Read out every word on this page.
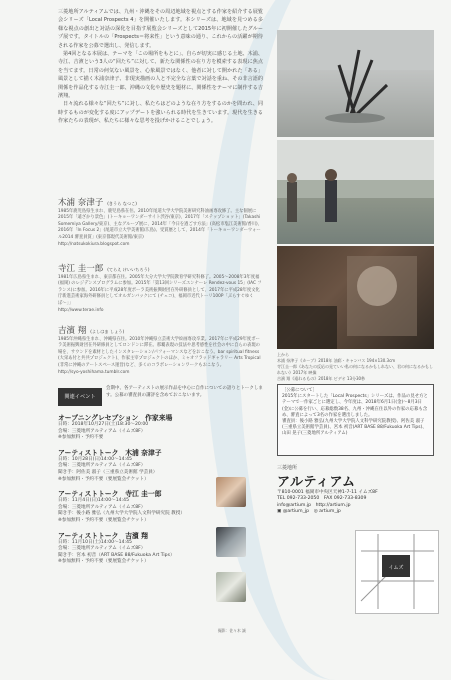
三菱地所アルティアムでは、九州・沖縄をその周辺地域を視点とする作家を紹介する展覧会シリーズ「Local Prospects 4」を開催いたします。本シリーズは、地域を見つめる多様な視点の創出と対話の深化を目指す展覧会シリーズとして2015年に初開催したグループ展です。タイトルの「Prospects＝将来性」という意味の通り、これからの活躍が期待される作家を公募で選出し、発信します。

第4回となる本展は、テーマを「この場所をもとに」、自らが切実に感じる土地、木浦、寺江、吉濱という3人の“回たち”に対して、新たな関係性の在り方を模索する表現に焦点を当てます。日常の何気ない風景を、心象風景ではなく、他者に対して開かれた「ある」風景として描く木浦奈津子、非現実描画の人と不完全な言葉で対話を重ね、その非言語的関係を作品化する寺江圭一郎、沖縄の文化や歴史を題材に、関係性をテーマに制作する吉濱翔。

日々流れる様々な“回たち”に対し、私たちはどのような在り方をするのかを問われ、同時するものが変化する度にアップデートを強いられる時代を生きています。現代を生きる作家たちの表現が、私たちに様々な思考を投げかけることでしょう。

木浦 奈津子 (きうら なつこ)
1985年鹿児島県生まれ、鹿児島県在住。2010年尾道大学大学院美術研究科油画専攻修了。主な個展に2015年「遠ざかり景色」(トーキョーワンダーサイト渋谷/東京)、2017年「ステップショット」(Takashi Somemiya Gallery/東京)、主なグループ展に、2014年「今日を過ごす方法」(高松市塩江美術館/香川)、2016年「In Focus 2」(尾道市立大学美術館/広島)。受賞歴として、2014年「トーキョーワンダーウォール2014 審査員賞」(東京都現代美術館/東京)
http://natsukokiura.blogspot.com
寺江 圭一郎 (てらえ けいいちろう)
1981年広島県生まれ、東京都在住。2005年大分大学大学院教育学研究科修了。2005〜2008年3年度福 (福岡) のレジデンスプログラムに参加。2015年「第13回シリーズエンナーレ Rendez-vous 15」(IAC フランス)に参加。2016年に平成28年度ポーラ美術振興財団在外研修員として、2017年に平成28年度文化庁新進芸術家海外研修員としてオルガンバックにて (チェコ)、福岡市近代トーリ100P「ぶらすぐゆくぼ〜」」
http://www.terae.info
吉濱 翔 (よしはま しょう)
1985年沖縄県生まれ、沖縄県在住。2010年沖縄県立芸術大学絵画専攻卒業。2017年に平成29年度ポーラ美術振興財団在外研修員としてロンドンに滞在。那覇表現の技法や思考感性を社会の中に自らの表現の場を、サウンドを素材としたインスタレーション/パフォーマンスなどをおこなう。bar spiritual fitness (大栄あ付と共共プロジェクト)、作家主宰プロジェクトのほか、ミャオフラッドギャラリー Arts Tropical (非常に沖縄のアートスペース運営)など、多くのコラボレーションワークもおこなう。
http://syo-yoshihama.tumblr.com
上から
木浦 奈津子《カーブ》2018年 油彩・キャンバス 194×130.3cm
寺江圭一郎《あなたの反応の見ていい私の何になるかもしれない、君の何になるかもしれない》2017年 映像
吉濱 翔《遠れるもの》2018年 ビデオ 13分30秒
［公募について］
2015年にスタートした「Local Prospects」シリーズは、作品の見せ方とテーマで一作家ごとに選定し、今年度は、2018年6月1日(金)〜8月3日(金)に公募を行い、応募総数38名、九州・沖縄在住以外の作家の応募も含め、審査によって3名の作家を選出しました。
審査員：後小路 雅弘(九州大学大学院人文科学研究院教授)、阿佐美 淑子(三重県立美術館学芸員)、宮本 初音(ART BASE 88/Fukuoka Art Tips)、山田 晃子(三菱地所アルティアム)
三菱地所
アルティアム
〒810-0001 福岡市中央区天神1-7-11 イムズ8F
TEL 092-733-2050　 FAX 092-733-8309
info@artium.jp　 http://artium.jp
▣ @artium_jp　 ◎ artium_jp
イムズ
関連イベント
会期中、各アーティストの展示作品を中心に自作についての語りとトークします。公募の審査員の講評を含めておこないます。
オープニングレセプション　作家来場
日時：2018年10月27日(土)18:30〜20:00
会場：三菱地所アルティアム（イムズ8F）
※参加無料・予約不要
アーティストトーク　木浦 奈津子
日時：10月28日(日)14:00〜14:45
会場：三菱地所アルティアム（イムズ8F）
聞き手：阿佐美 淑子（三重県立美術館 学芸員）
※参加無料・予約不要（要展覧会チケット）
アーティストトーク　寺江 圭一郎
日時：11月4日(日)14:00〜14:45
会場：三菱地所アルティアム（イムズ8F）
聞き手：後小路 雅弘（九州大学大学院人文科学研究院 教授）
※参加無料・予約不要（要展覧会チケット）
アーティストトーク　吉濱 翔
日時：11月10日(土)14:00〜14:45
会場：三菱地所アルティアム（イムズ8F）
聞き手：宮本 初音（ART BASE 88/Fukuoka Art Tips）
※参加無料・予約不要（要展覧会チケット）
撮影：佐々木 誠
